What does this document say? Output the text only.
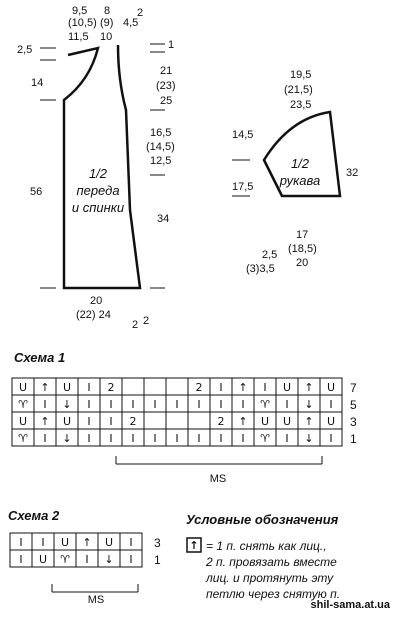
1/2
переда
и спинки
9,5
(10,5)
11,5
8
(9)
10
4,5
2
2,5
14
1
21
(23)
25
16,5
(14,5)
12,5
56
34
20
(22) 24
2 2
1/2
рукава
19,5
(21,5)
23,5
14,5
17,5
32
17
(18,5)
20
2,5
(3)3,5
Схема 1
U ↑ U I 2	2 I ↑ I U ↑ U 7
♈ I ↓ I I I I I I I I ♈ I ↓ I 5
U ↑ U I I 2	2 ↑ U U ↑ U 3
♈ I ↓ I I I I I I I I ♈ I ↓ I 1
MS
Схема 2
I I U ↑ U I 3
I U ♈ I ↓ I 1
MS
Условные обозначения
↑ = 1 п. снять как лиц.,
2 п. провязать вместе
лиц. и протянуть эту
петлю через снятую п.
shil-sama.at.ua
